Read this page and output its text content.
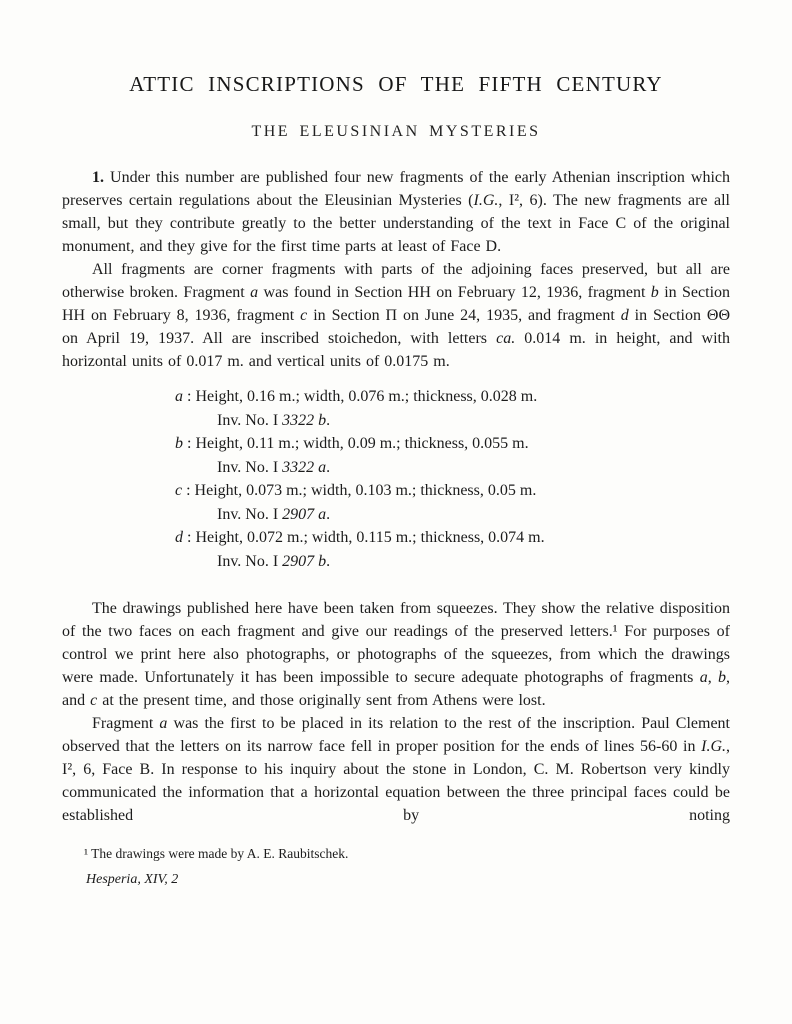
ATTIC INSCRIPTIONS OF THE FIFTH CENTURY
THE ELEUSINIAN MYSTERIES

1. Under this number are published four new fragments of the early Athenian inscription which preserves certain regulations about the Eleusinian Mysteries (I.G., I², 6). The new fragments are all small, but they contribute greatly to the better understanding of the text in Face C of the original monument, and they give for the first time parts at least of Face D.

All fragments are corner fragments with parts of the adjoining faces preserved, but all are otherwise broken. Fragment a was found in Section HH on February 12, 1936, fragment b in Section HH on February 8, 1936, fragment c in Section Π on June 24, 1935, and fragment d in Section ΘΘ on April 19, 1937. All are inscribed stoichedon, with letters ca. 0.014 m. in height, and with horizontal units of 0.017 m. and vertical units of 0.0175 m.

a : Height, 0.16 m.; width, 0.076 m.; thickness, 0.028 m.
Inv. No. I 3322 b.
b : Height, 0.11 m.; width, 0.09 m.; thickness, 0.055 m.
Inv. No. I 3322 a.
c : Height, 0.073 m.; width, 0.103 m.; thickness, 0.05 m.
Inv. No. I 2907 a.
d : Height, 0.072 m.; width, 0.115 m.; thickness, 0.074 m.
Inv. No. I 2907 b.

The drawings published here have been taken from squeezes. They show the relative disposition of the two faces on each fragment and give our readings of the preserved letters.¹ For purposes of control we print here also photographs, or photographs of the squeezes, from which the drawings were made. Unfortunately it has been impossible to secure adequate photographs of fragments a, b, and c at the present time, and those originally sent from Athens were lost.

Fragment a was the first to be placed in its relation to the rest of the inscription. Paul Clement observed that the letters on its narrow face fell in proper position for the ends of lines 56-60 in I.G., I², 6, Face B. In response to his inquiry about the stone in London, C. M. Robertson very kindly communicated the information that a horizontal equation between the three principal faces could be established by noting

¹ The drawings were made by A. E. Raubitschek.
Hesperia, XIV, 2
